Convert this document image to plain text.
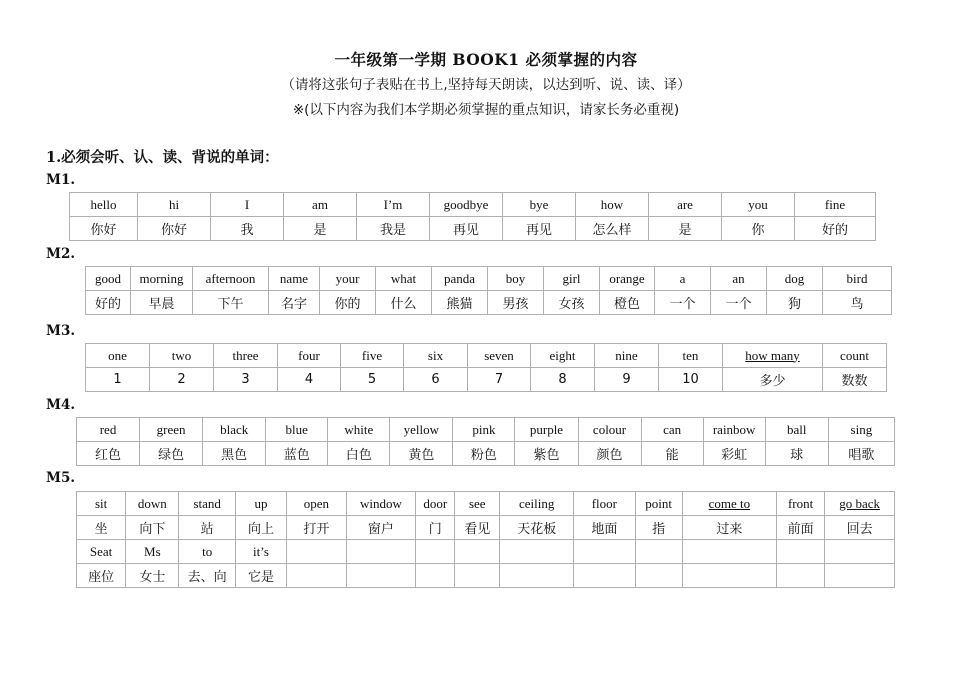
一年级第一学期 BOOK1 必须掌握的内容
（请将这张句子表贴在书上,坚持每天朗读，以达到听、说、读、译）
※(以下内容为我们本学期必须掌握的重点知识，请家长务必重视)
1.必须会听、认、读、背说的单词：
M1.
hello	hi	I	am	I’m	goodbye	bye	how	are	you	fine
你好	你好	我	是	我是	再见	再见	怎么样	是	你	好的
M2.
good	morning	afternoon	name	your	what	panda	boy	girl	orange	a	an	dog	bird
好的	早晨	下午	名字	你的	什么	熊猫	男孩	女孩	橙色	一个	一个	狗	鸟
M3.
one	two	three	four	five	six	seven	eight	nine	ten	how many	count
1	2	3	4	5	6	7	8	9	10	多少	数数
M4.
red	green	black	blue	white	yellow	pink	purple	colour	can	rainbow	ball	sing
红色	绿色	黑色	蓝色	白色	黄色	粉色	紫色	颜色	能	彩虹	球	唱歌
M5.
sit	down	stand	up	open	window	door	see	ceiling	floor	point	come to	front	go back
坐	向下	站	向上	打开	窗户	门	看见	天花板	地面	指	过来	前面	回去
Seat	Ms	to	it’s										
座位	女士	去、向	它是										
